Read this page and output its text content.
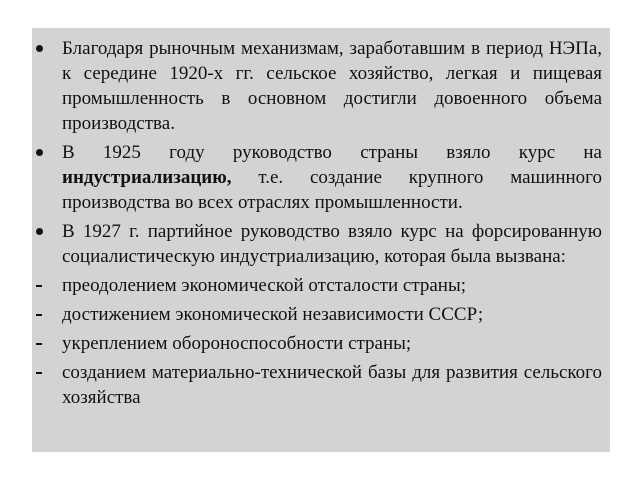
Благодаря рыночным механизмам, заработавшим в период НЭПа, к середине 1920-х гг. сельское хозяйство, легкая и пищевая промышленность в основном достигли довоенного объема производства.
В 1925 году руководство страны взяло курс на индустриализацию, т.е. создание крупного машинного производства во всех отраслях промышленности.
В 1927 г. партийное руководство взяло курс на форсированную социалистическую индустриализацию, которая была вызвана:
преодолением экономической отсталости страны;
достижением экономической независимости СССР;
укреплением обороноспособности страны;
созданием материально-технической базы для развития сельского хозяйства
